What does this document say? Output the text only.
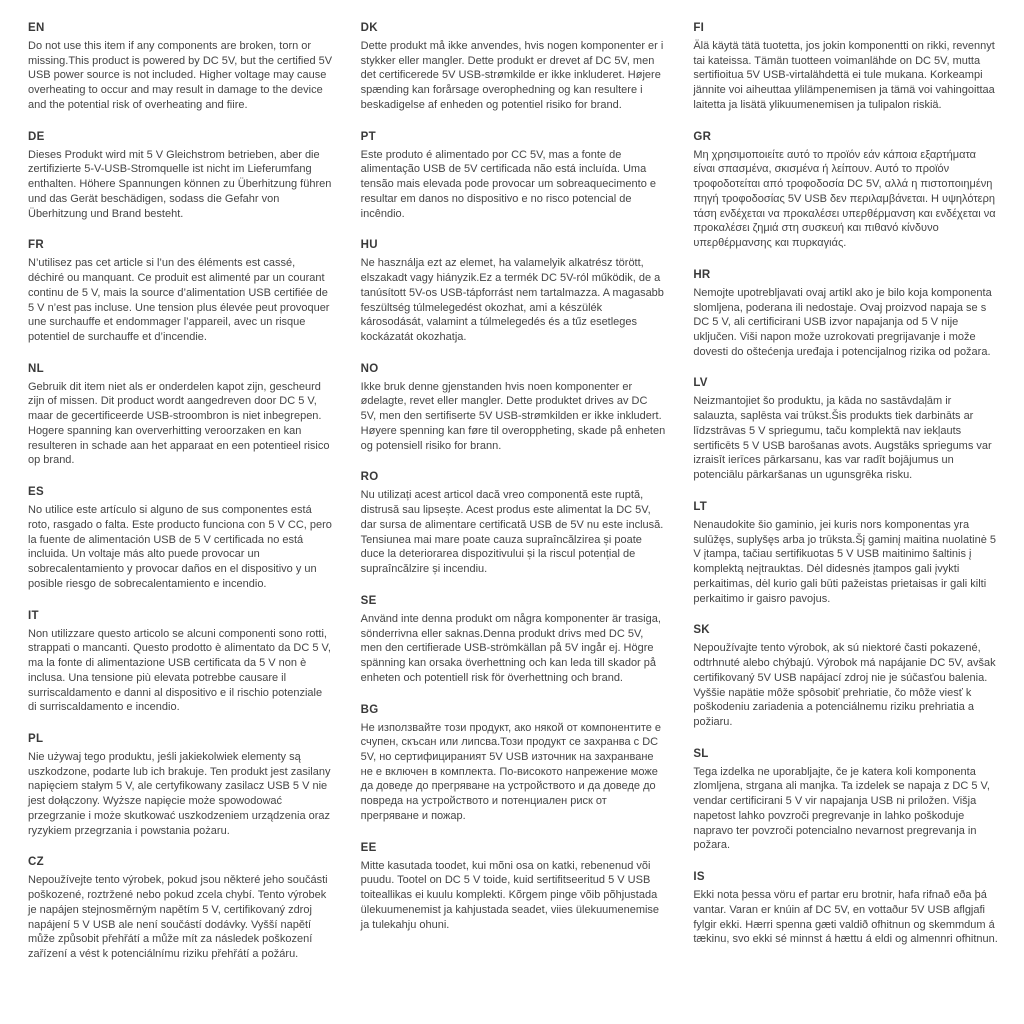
EN

Do not use this item if any components are broken, torn or missing.This product is powered by DC 5V, but the certified 5V USB power source is not included. Higher voltage may cause overheating to occur and may result in damage to the device and the potential risk of overheating and fiire.

DE

Dieses Produkt wird mit 5 V Gleichstrom betrieben, aber die zertifizierte 5-V-USB-Stromquelle ist nicht im Lieferumfang enthalten. Höhere Spannungen können zu Überhitzung führen und das Gerät beschädigen, sodass die Gefahr von Überhitzung und Brand besteht.

FR

N’utilisez pas cet article si l’un des éléments est cassé, déchiré ou manquant. Ce produit est alimenté par un courant continu de 5 V, mais la source d’alimentation USB certifiée de 5 V n’est pas incluse. Une tension plus élevée peut provoquer une surchauffe et endommager l’appareil, avec un risque potentiel de surchauffe et d’incendie.

NL

Gebruik dit item niet als er onderdelen kapot zijn, gescheurd zijn of missen. Dit product wordt aangedreven door DC 5 V, maar de gecertificeerde USB-stroombron is niet inbegrepen. Hogere spanning kan oververhitting veroorzaken en kan resulteren in schade aan het apparaat en een potentieel risico op brand.

ES

No utilice este artículo si alguno de sus componentes está roto, rasgado o falta. Este producto funciona con 5 V CC, pero la fuente de alimentación USB de 5 V certificada no está incluida. Un voltaje más alto puede provocar un sobrecalentamiento y provocar daños en el dispositivo y un posible riesgo de sobrecalentamiento e incendio.

IT

Non utilizzare questo articolo se alcuni componenti sono rotti, strappati o mancanti. Questo prodotto è alimentato da DC 5 V, ma la fonte di alimentazione USB certificata da 5 V non è inclusa. Una tensione più elevata potrebbe causare il surriscaldamento e danni al dispositivo e il rischio potenziale di surriscaldamento e incendio.

PL

Nie używaj tego produktu, jeśli jakiekolwiek elementy są uszkodzone, podarte lub ich brakuje. Ten produkt jest zasilany napięciem stałym 5 V, ale certyfikowany zasilacz USB 5 V nie jest dołączony. Wyższe napięcie może spowodować przegrzanie i może skutkować uszkodzeniem urządzenia oraz ryzykiem przegrzania i powstania pożaru.

CZ

Nepoužívejte tento výrobek, pokud jsou některé jeho součásti poškozené, roztržené nebo pokud zcela chybí. Tento výrobek je napájen stejnosměrným napětím 5 V, certifikovaný zdroj napájení 5 V USB ale není součástí dodávky. Vyšší napětí může způsobit přehřátí a může mít za následek poškození zařízení a vést k potenciálnímu riziku přehřátí a požáru.

DK

Dette produkt må ikke anvendes, hvis nogen komponenter er i stykker eller mangler. Dette produkt er drevet af DC 5V, men det certificerede 5V USB-strømkilde er ikke inkluderet. Højere spænding kan forårsage overophedning og kan resultere i beskadigelse af enheden og potentiel risiko for brand.

PT

Este produto é alimentado por CC 5V, mas a fonte de alimentação USB de 5V certificada não está incluída. Uma tensão mais elevada pode provocar um sobreaquecimento e resultar em danos no dispositivo e no risco potencial de incêndio.

HU

Ne használja ezt az elemet, ha valamelyik alkatrész törött, elszakadt vagy hiányzik.Ez a termék DC 5V-ról működik, de a tanúsított 5V-os USB-tápforrást nem tartalmazza. A magasabb feszültség túlmelegedést okozhat, ami a készülék károsodását, valamint a túlmelegedés és a tűz esetleges kockázatát okozhatja.

NO

Ikke bruk denne gjenstanden hvis noen komponenter er ødelagte, revet eller mangler. Dette produktet drives av DC 5V, men den sertifiserte 5V USB-strømkilden er ikke inkludert. Høyere spenning kan føre til overoppheting, skade på enheten og potensiell risiko for brann.

RO

Nu utilizați acest articol dacă vreo componentă este ruptă, distrusă sau lipsește. Acest produs este alimentat la DC 5V, dar sursa de alimentare certificată USB de 5V nu este inclusă. Tensiunea mai mare poate cauza supraîncălzirea și poate duce la deteriorarea dispozitivului și la riscul potențial de supraîncălzire și incendiu.

SE

Använd inte denna produkt om några komponenter är trasiga, sönderrivna eller saknas.Denna produkt drivs med DC 5V, men den certifierade USB-strömkällan på 5V ingår ej. Högre spänning kan orsaka överhettning och kan leda till skador på enheten och potentiell risk för överhettning och brand.

BG

Не използвайте този продукт, ако някой от компонентите е счупен, скъсан или липсва.Този продукт се захранва с DC 5V, но сертифицираният 5V USB източник на захранване не е включен в комплекта. По-високото напрежение може да доведе до прегряване на устройството и да доведе до повреда на устройството и потенциален риск от прегряване и пожар.

EE

Mitte kasutada toodet, kui mõni osa on katki, rebenenud või puudu. Tootel on DC 5 V toide, kuid sertifitseeritud 5 V USB toiteallikas ei kuulu komplekti. Kõrgem pinge võib põhjustada ülekuumenemist ja kahjustada seadet, viies ülekuumenemise ja tulekahju ohuni.

FI

Älä käytä tätä tuotetta, jos jokin komponentti on rikki, revennyt tai kateissa. Tämän tuotteen voimanlähde on DC 5V, mutta sertifioitua 5V USB-virtalähdettä ei tule mukana. Korkeampi jännite voi aiheuttaa ylilämpenemisen ja tämä voi vahingoittaa laitetta ja lisätä ylikuumenemisen ja tulipalon riskiä.

GR

Μη χρησιμοποιείτε αυτό το προϊόν εάν κάποια εξαρτήματα είναι σπασμένα, σκισμένα ή λείπουν. Αυτό το προϊόν τροφοδοτείται από τροφοδοσία DC 5V, αλλά η πιστοποιημένη πηγή τροφοδοσίας 5V USB δεν περιλαμβάνεται. Η υψηλότερη τάση ενδέχεται να προκαλέσει υπερθέρμανση και ενδέχεται να προκαλέσει ζημιά στη συσκευή και πιθανό κίνδυνο υπερθέρμανσης και πυρκαγιάς.

HR

Nemojte upotrebljavati ovaj artikl ako je bilo koja komponenta slomljena, poderana ili nedostaje. Ovaj proizvod napaja se s DC 5 V, ali certificirani USB izvor napajanja od 5 V nije uključen. Viši napon može uzrokovati pregrijavanje i može dovesti do oštećenja uređaja i potencijalnog rizika od požara.

LV

Neizmantojiet šo produktu, ja kāda no sastāvdaļām ir salauzta, saplēsta vai trūkst.Šis produkts tiek darbināts ar līdzstrāvas 5 V spriegumu, taču komplektā nav iekļauts sertificēts 5 V USB barošanas avots. Augstāks spriegums var izraisīt ierīces pārkarsanu, kas var radīt bojājumus un potenciālu pārkaršanas un ugunsgrēka risku.

LT

Nenaudokite šio gaminio, jei kuris nors komponentas yra sulūžęs, suplyšęs arba jo trūksta.Šį gaminį maitina nuolatinė 5 V įtampa, tačiau sertifikuotas 5 V USB maitinimo šaltinis į komplektą neįtrauktas. Dėl didesnės įtampos gali įvykti perkaitimas, dėl kurio gali būti pažeistas prietaisas ir gali kilti perkaitimo ir gaisro pavojus.

SK

Nepoužívajte tento výrobok, ak sú niektoré časti pokazené, odtrhnuté alebo chýbajú. Výrobok má napájanie DC 5V, avšak certifikovaný 5V USB napájací zdroj nie je súčasťou balenia. Vyššie napätie môže spôsobiť prehriatie, čo môže viesť k poškodeniu zariadenia a potenciálnemu riziku prehriatia a požiaru.

SL

Tega izdelka ne uporabljajte, če je katera koli komponenta zlomljena, strgana ali manjka. Ta izdelek se napaja z DC 5 V, vendar certificirani 5 V vir napajanja USB ni priložen. Višja napetost lahko povzroči pregrevanje in lahko poškoduje napravo ter povzroči potencialno nevarnost pregrevanja in požara.

IS

Ekki nota þessa vöru ef partar eru brotnir, hafa rifnað eða þá vantar. Varan er knúin af DC 5V, en vottaður 5V USB aflgjafi fylgir ekki. Hærri spenna gæti valdið ofhitnun og skemmdum á tækinu, svo ekki sé minnst á hættu á eldi og almennri ofhitnun.
